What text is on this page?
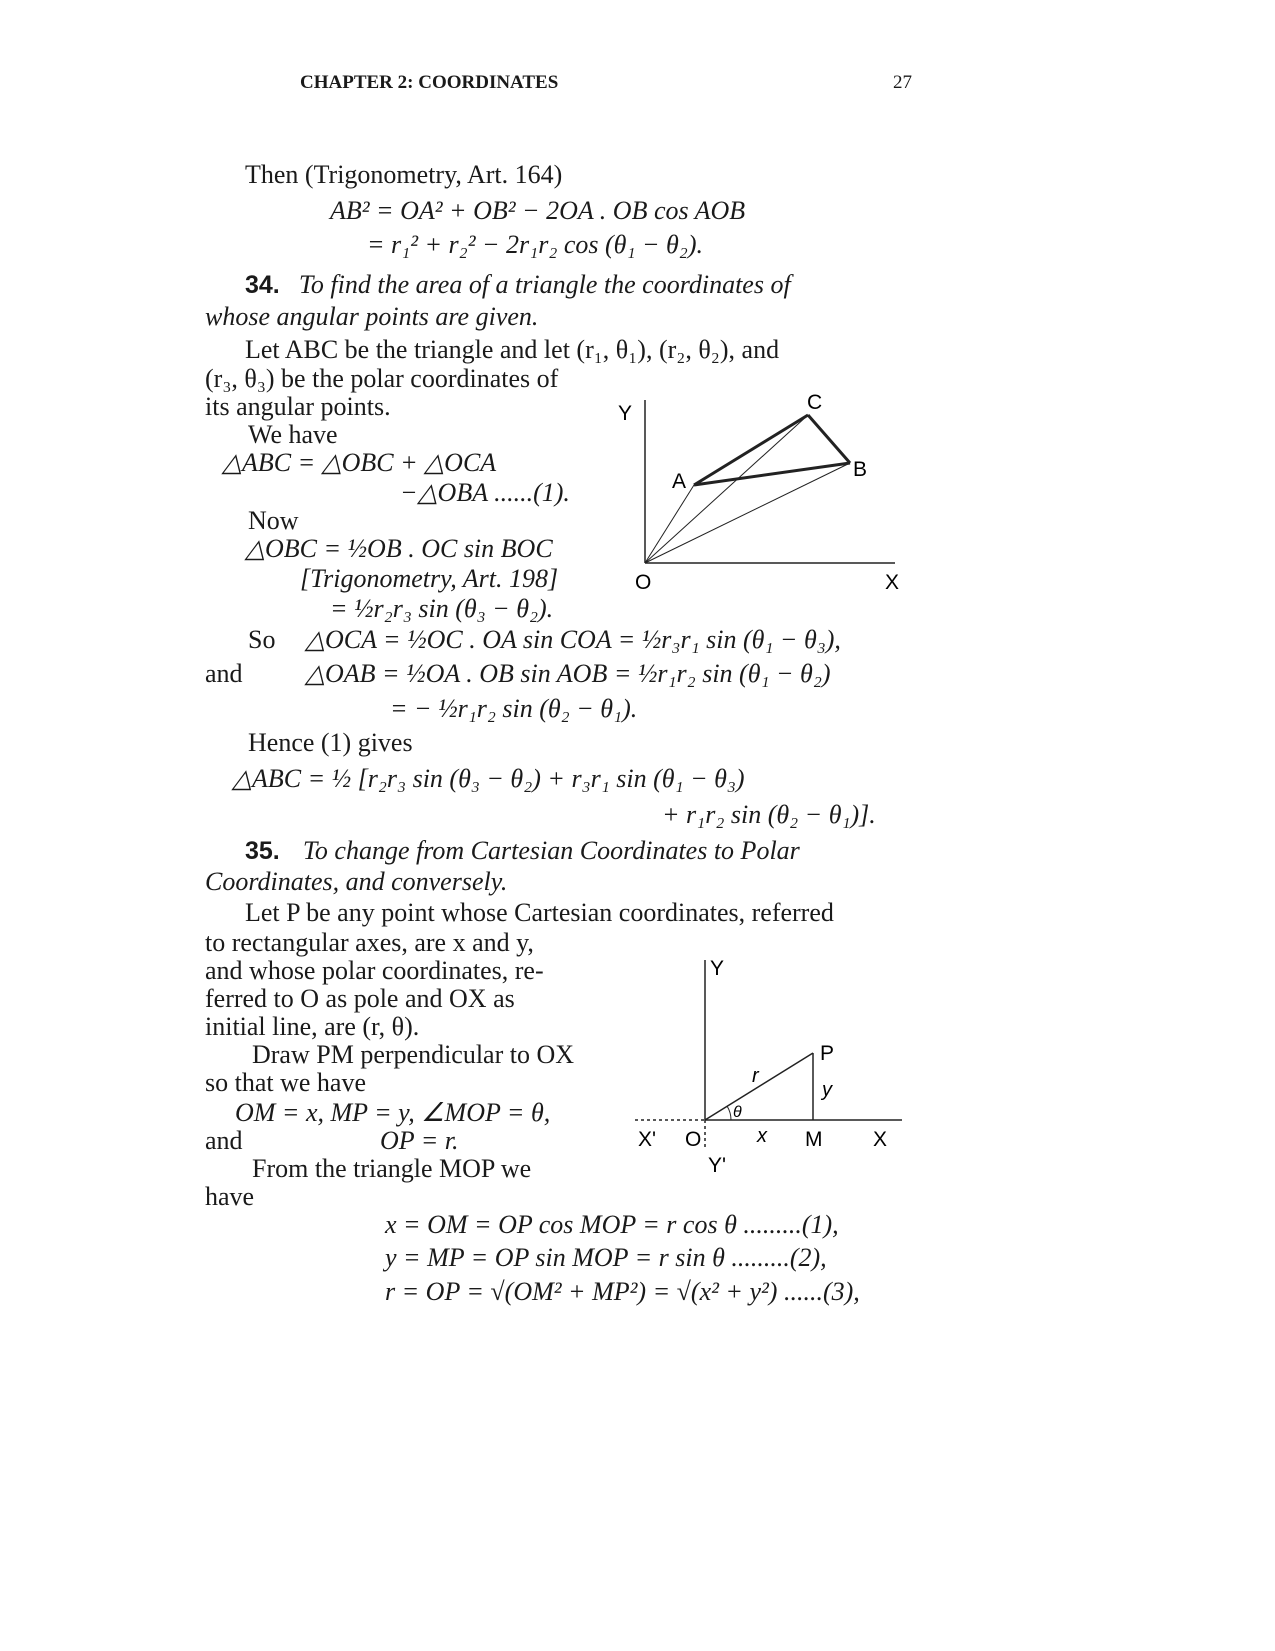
CHAPTER 2: COORDINATES	27
Then (Trigonometry, Art. 164)
AB² = OA² + OB² − 2OA . OB cos AOB
= r₁² + r₂² − 2r₁r₂ cos (θ₁ − θ₂).
34. To find the area of a triangle the coordinates of
whose angular points are given.
Let ABC be the triangle and let (r₁, θ₁), (r₂, θ₂), and
(r₃, θ₃) be the polar coordinates of
its angular points.
We have
△ABC = △OBC + △OCA
−△OBA ......(1).
Now
△OBC = ½OB . OC sin BOC
[Trigonometry, Art. 198]
= ½r₂r₃ sin (θ₃ − θ₂).
So △OCA = ½OC . OA sin COA = ½r₃r₁ sin (θ₁ − θ₃),
and △OAB = ½OA . OB sin AOB = ½r₁r₂ sin (θ₁ − θ₂)
= − ½r₁r₂ sin (θ₂ − θ₁).
Hence (1) gives
△ABC = ½ [r₂r₃ sin (θ₃ − θ₂) + r₃r₁ sin (θ₁ − θ₃)
+ r₁r₂ sin (θ₂ − θ₁)].
Y	C
A
B
O	X
35. To change from Cartesian Coordinates to Polar
Coordinates, and conversely.
Let P be any point whose Cartesian coordinates, referred
to rectangular axes, are x and y,
and whose polar coordinates, re-
ferred to O as pole and OX as
initial line, are (r, θ).
Draw PM perpendicular to OX
so that we have
OM = x, MP = y, ∠MOP = θ,
and	OP = r.
From the triangle MOP we
have
x = OM = OP cos MOP = r cos θ .........(1),
y = MP = OP sin MOP = r sin θ .........(2),
r = OP = √(OM² + MP²) = √(x² + y²) ......(3),
Y
P
r
y
θ
X' O	x M X
Y'
